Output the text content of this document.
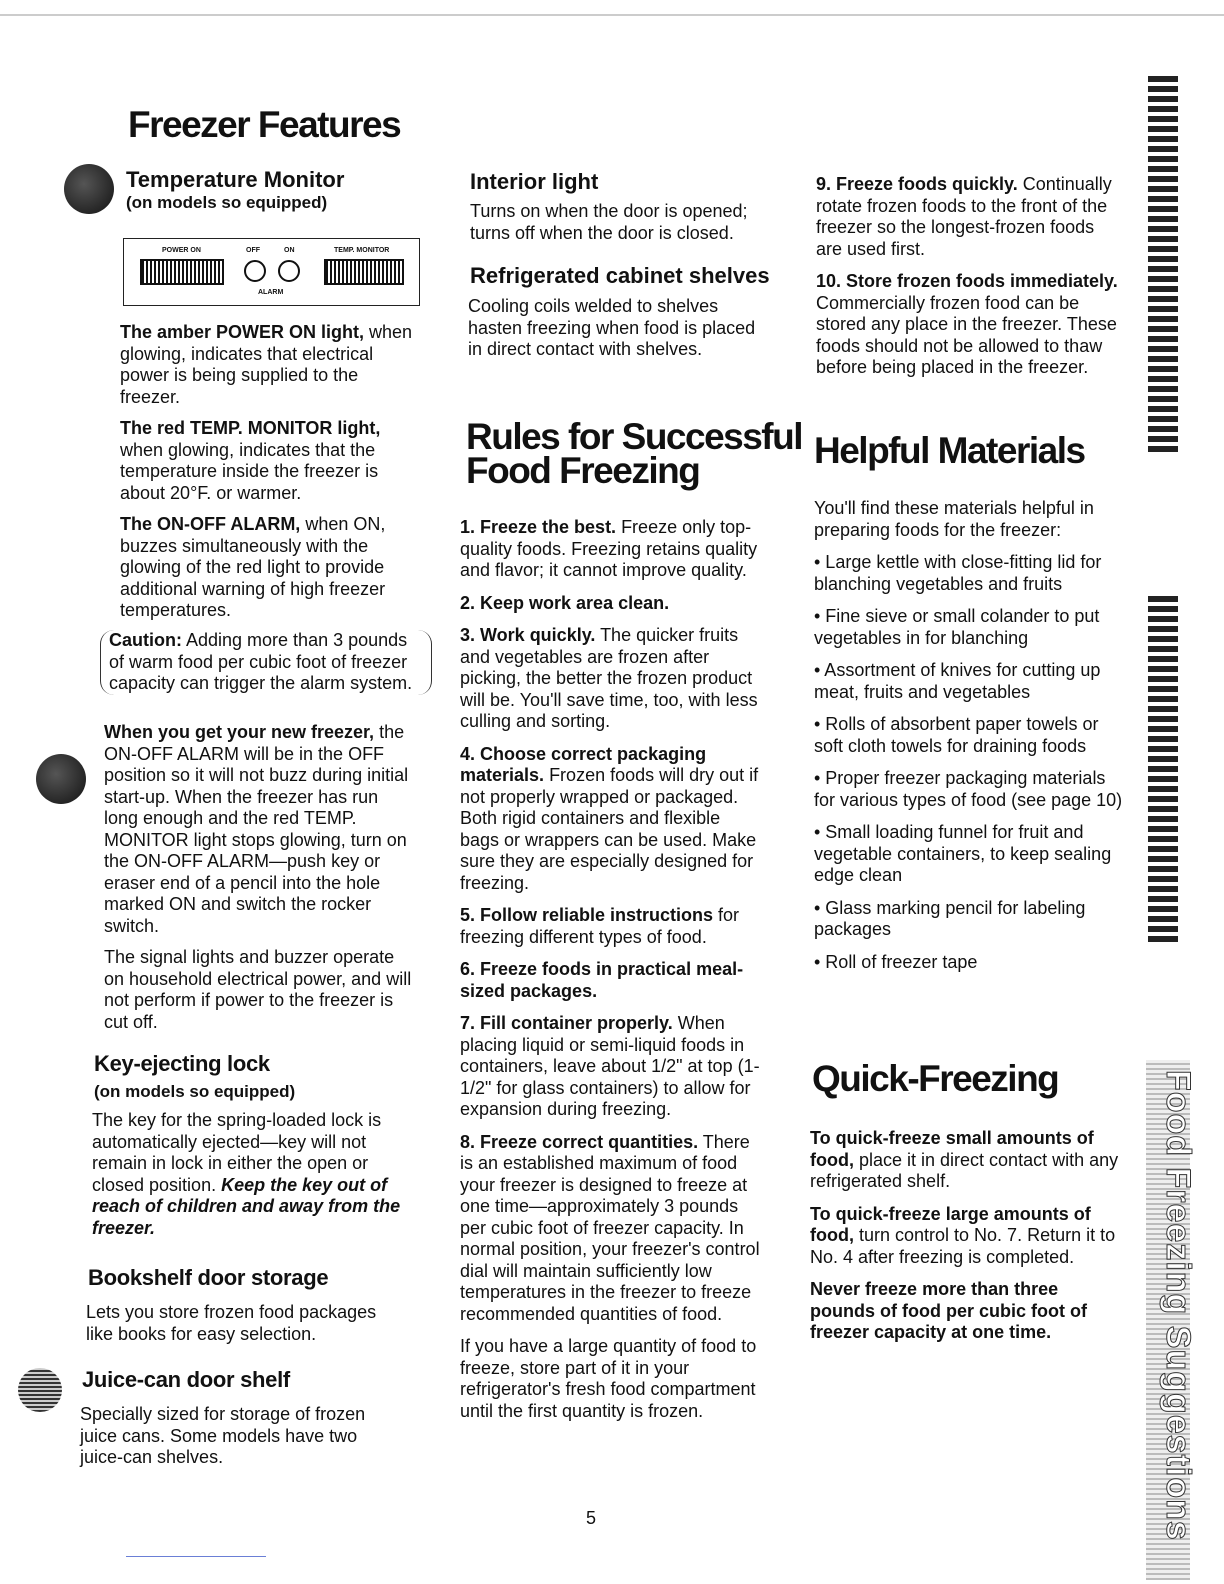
Food Freezing Suggestions
Freezer Features
Temperature Monitor
(on models so equipped)
POWER ON	OFF	ON	TEMP. MONITOR
ALARM

The amber POWER ON light, when glowing, indicates that electrical power is being supplied to the freezer.

The red TEMP. MONITOR light, when glowing, indicates that the temperature inside the freezer is about 20°F. or warmer.

The ON-OFF ALARM, when ON, buzzes simultaneously with the glowing of the red light to provide additional warning of high freezer temperatures.

Caution: Adding more than 3 pounds of warm food per cubic foot of freezer capacity can trigger the alarm system.

When you get your new freezer, the ON-OFF ALARM will be in the OFF position so it will not buzz during initial start-up. When the freezer has run long enough and the red TEMP. MONITOR light stops glowing, turn on the ON-OFF ALARM—push key or eraser end of a pencil into the hole marked ON and switch the rocker switch.

The signal lights and buzzer operate on household electrical power, and will not perform if power to the freezer is cut off.

Key-ejecting lock
(on models so equipped)

The key for the spring-loaded lock is automatically ejected—key will not remain in lock in either the open or closed position. Keep the key out of reach of children and away from the freezer.

Bookshelf door storage

Lets you store frozen food packages like books for easy selection.

Juice-can door shelf

Specially sized for storage of frozen juice cans. Some models have two juice-can shelves.

Interior light

Turns on when the door is opened; turns off when the door is closed.

Refrigerated cabinet shelves

Cooling coils welded to shelves hasten freezing when food is placed in direct contact with shelves.

Rules for Successful
Food Freezing

1. Freeze the best. Freeze only top-quality foods. Freezing retains quality and flavor; it cannot improve quality.

2. Keep work area clean.

3. Work quickly. The quicker fruits and vegetables are frozen after picking, the better the frozen product will be. You'll save time, too, with less culling and sorting.

4. Choose correct packaging materials. Frozen foods will dry out if not properly wrapped or packaged. Both rigid containers and flexible bags or wrappers can be used. Make sure they are especially designed for freezing.

5. Follow reliable instructions for freezing different types of food.

6. Freeze foods in practical meal-sized packages.

7. Fill container properly. When placing liquid or semi-liquid foods in containers, leave about 1/2" at top (1-1/2" for glass containers) to allow for expansion during freezing.

8. Freeze correct quantities. There is an established maximum of food your freezer is designed to freeze at one time—approximately 3 pounds per cubic foot of freezer capacity. In normal position, your freezer's control dial will maintain sufficiently low temperatures in the freezer to freeze recommended quantities of food.

If you have a large quantity of food to freeze, store part of it in your refrigerator's fresh food compartment until the first quantity is frozen.

9. Freeze foods quickly. Continually rotate frozen foods to the front of the freezer so the longest-frozen foods are used first.

10. Store frozen foods immediately. Commercially frozen food can be stored any place in the freezer. These foods should not be allowed to thaw before being placed in the freezer.

Helpful Materials

You'll find these materials helpful in preparing foods for the freezer:

• Large kettle with close-fitting lid for blanching vegetables and fruits

• Fine sieve or small colander to put vegetables in for blanching

• Assortment of knives for cutting up meat, fruits and vegetables

• Rolls of absorbent paper towels or soft cloth towels for draining foods

• Proper freezer packaging materials for various types of food (see page 10)

• Small loading funnel for fruit and vegetable containers, to keep sealing edge clean

• Glass marking pencil for labeling packages

• Roll of freezer tape

Quick-Freezing

To quick-freeze small amounts of food, place it in direct contact with any refrigerated shelf.

To quick-freeze large amounts of food, turn control to No. 7. Return it to No. 4 after freezing is completed.

Never freeze more than three pounds of food per cubic foot of freezer capacity at one time.

5
